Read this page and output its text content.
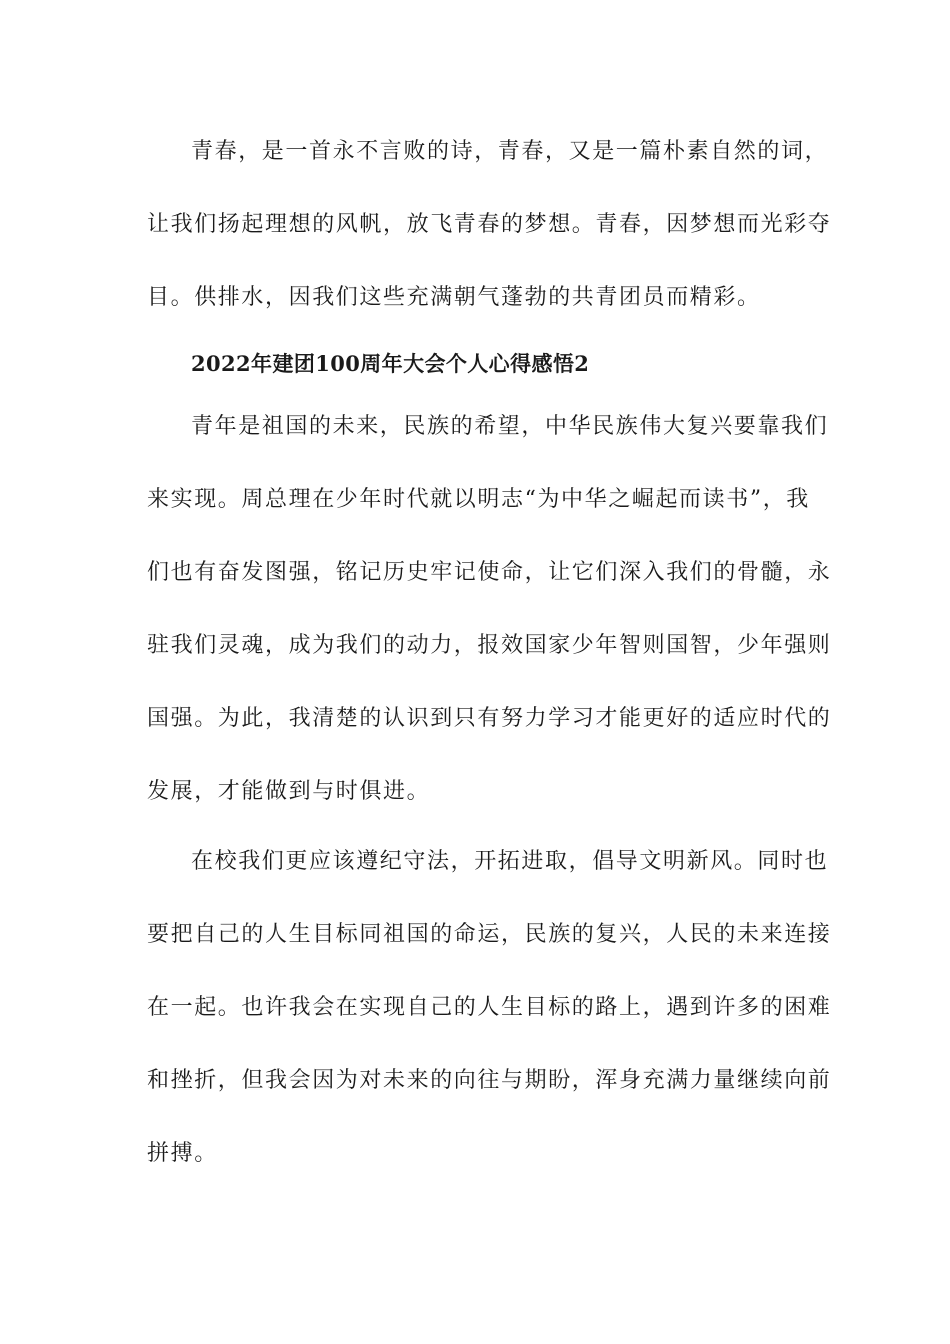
青春，是一首永不言败的诗，青春，又是一篇朴素自然的词，
让我们扬起理想的风帆，放飞青春的梦想。青春，因梦想而光彩夺
目。供排水，因我们这些充满朝气蓬勃的共青团员而精彩。
2022年建团100周年大会个人心得感悟2
青年是祖国的未来，民族的希望，中华民族伟大复兴要靠我们
来实现。周总理在少年时代就以明志“为中华之崛起而读书”，我
们也有奋发图强，铭记历史牢记使命，让它们深入我们的骨髓，永
驻我们灵魂，成为我们的动力，报效国家少年智则国智，少年强则
国强。为此，我清楚的认识到只有努力学习才能更好的适应时代的
发展，才能做到与时俱进。
在校我们更应该遵纪守法，开拓进取，倡导文明新风。同时也
要把自己的人生目标同祖国的命运，民族的复兴，人民的未来连接
在一起。也许我会在实现自己的人生目标的路上，遇到许多的困难
和挫折，但我会因为对未来的向往与期盼，浑身充满力量继续向前
拼搏。
